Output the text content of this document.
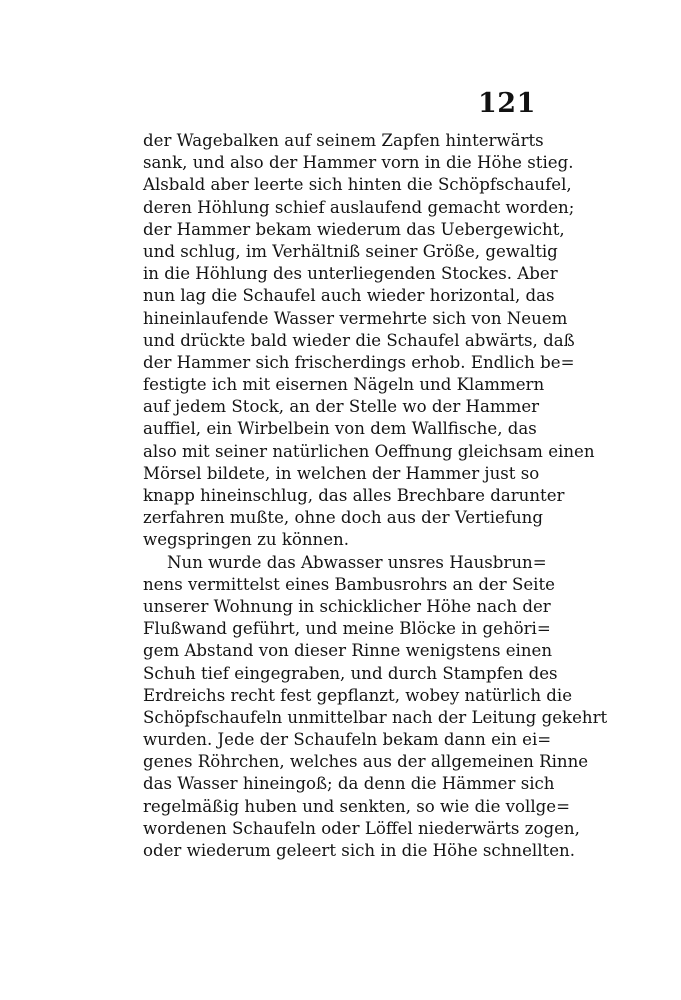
121
der Wagebalken auf seinem Zapfen hinterwärts
sank, und also der Hammer vorn in die Höhe stieg.
Alsbald aber leerte sich hinten die Schöpfschaufel,
deren Höhlung schief auslaufend gemacht worden;
der Hammer bekam wiederum das Uebergewicht,
und schlug, im Verhältniß seiner Größe, gewaltig
in die Höhlung des unterliegenden Stockes. Aber
nun lag die Schaufel auch wieder horizontal, das
hineinlaufende Wasser vermehrte sich von Neuem
und drückte bald wieder die Schaufel abwärts, daß
der Hammer sich frischerdings erhob. Endlich be=
festigte ich mit eisernen Nägeln und Klammern
auf jedem Stock, an der Stelle wo der Hammer
auffiel, ein Wirbelbein von dem Wallfische, das
also mit seiner natürlichen Oeffnung gleichsam einen
Mörsel bildete, in welchen der Hammer just so
knapp hineinschlug, das alles Brechbare darunter
zerfahren mußte, ohne doch aus der Vertiefung
wegspringen zu können.
Nun wurde das Abwasser unsres Hausbrun=
nens vermittelst eines Bambusrohrs an der Seite
unserer Wohnung in schicklicher Höhe nach der
Flußwand geführt, und meine Blöcke in gehöri=
gem Abstand von dieser Rinne wenigstens einen
Schuh tief eingegraben, und durch Stampfen des
Erdreichs recht fest gepflanzt, wobey natürlich die
Schöpfschaufeln unmittelbar nach der Leitung gekehrt
wurden. Jede der Schaufeln bekam dann ein ei=
genes Röhrchen, welches aus der allgemeinen Rinne
das Wasser hineingoß; da denn die Hämmer sich
regelmäßig huben und senkten, so wie die vollge=
wordenen Schaufeln oder Löffel niederwärts zogen,
oder wiederum geleert sich in die Höhe schnellten.
